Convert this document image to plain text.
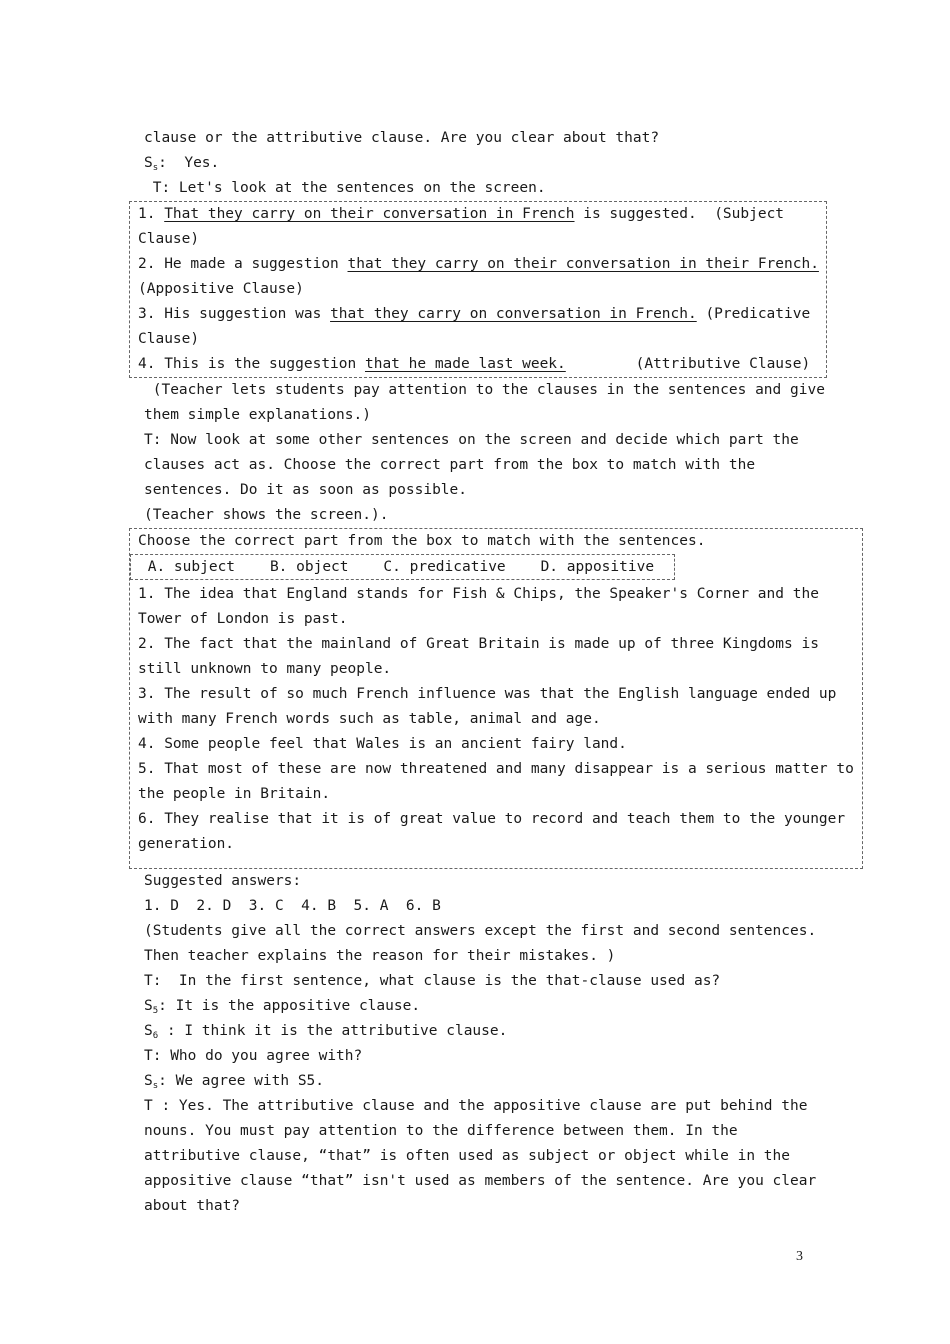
clause or the attributive clause. Are you clear about that?
$S_s$:  Yes.
T: Let's look at the sentences on the screen.
1. That they carry on their conversation in French is suggested.  (Subject
Clause)
2. He made a suggestion that they carry on their conversation in their French.
(Appositive Clause)
3. His suggestion was that they carry on conversation in French. (Predicative
Clause)
4. This is the suggestion that he made last week.        (Attributive Clause)
(Teacher lets students pay attention to the clauses in the sentences and give
them simple explanations.)
T: Now look at some other sentences on the screen and decide which part the
clauses act as. Choose the correct part from the box to match with the
sentences. Do it as soon as possible.
(Teacher shows the screen.).
Choose the correct part from the box to match with the sentences.
A. subject    B. object    C. predicative    D. appositive
1. The idea that England stands for Fish & Chips, the Speaker's Corner and the
Tower of London is past.
2. The fact that the mainland of Great Britain is made up of three Kingdoms is
still unknown to many people.
3. The result of so much French influence was that the English language ended up
with many French words such as table, animal and age.
4. Some people feel that Wales is an ancient fairy land.
5. That most of these are now threatened and many disappear is a serious matter to
the people in Britain.
6. They realise that it is of great value to record and teach them to the younger
generation.
Suggested answers:
1. D  2. D  3. C  4. B  5. A  6. B
(Students give all the correct answers except the first and second sentences.
Then teacher explains the reason for their mistakes. )
T:  In the first sentence, what clause is the that-clause used as?
$S_5$: It is the appositive clause.
$S_6$ : I think it is the attributive clause.
T: Who do you agree with?
$S_s$: We agree with S5.
T : Yes. The attributive clause and the appositive clause are put behind the
nouns. You must pay attention to the difference between them. In the
attributive clause, “that” is often used as subject or object while in the
appositive clause “that” isn't used as members of the sentence. Are you clear
about that?
3
